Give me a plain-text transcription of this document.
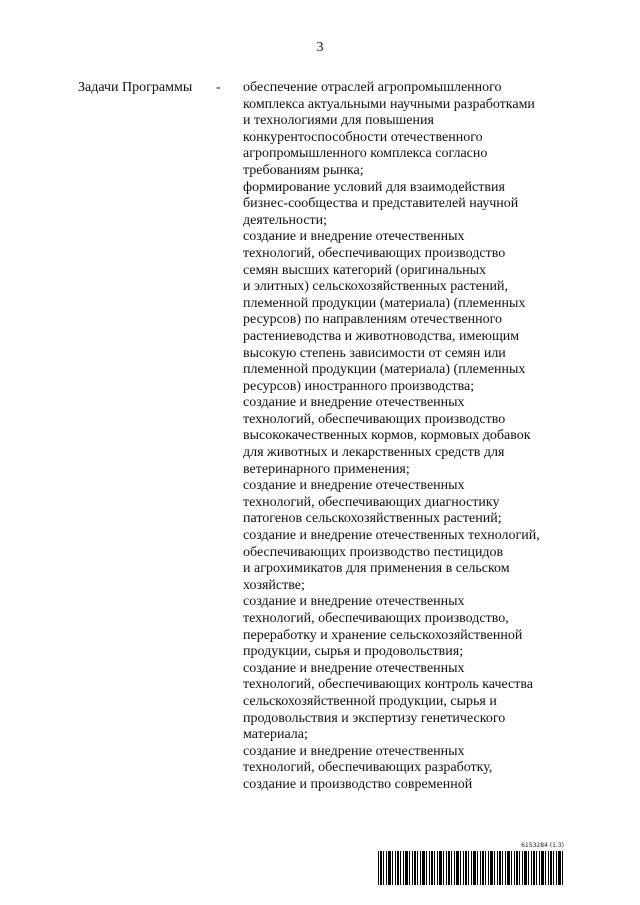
3
Задачи Программы - обеспечение отраслей агропромышленного
комплекса актуальными научными разработками
и технологиями для повышения
конкурентоспособности отечественного
агропромышленного комплекса согласно
требованиям рынка;
формирование условий для взаимодействия
бизнес-сообщества и представителей научной
деятельности;
создание и внедрение отечественных
технологий, обеспечивающих производство
семян высших категорий (оригинальных
и элитных) сельскохозяйственных растений,
племенной продукции (материала) (племенных
ресурсов) по направлениям отечественного
растениеводства и животноводства, имеющим
высокую степень зависимости от семян или
племенной продукции (материала) (племенных
ресурсов) иностранного производства;
создание и внедрение отечественных
технологий, обеспечивающих производство
высококачественных кормов, кормовых добавок
для животных и лекарственных средств для
ветеринарного применения;
создание и внедрение отечественных
технологий, обеспечивающих диагностику
патогенов сельскохозяйственных растений;
создание и внедрение отечественных технологий,
обеспечивающих производство пестицидов
и агрохимикатов для применения в сельском
хозяйстве;
создание и внедрение отечественных
технологий, обеспечивающих производство,
переработку и хранение сельскохозяйственной
продукции, сырья и продовольствия;
создание и внедрение отечественных
технологий, обеспечивающих контроль качества
сельскохозяйственной продукции, сырья и
продовольствия и экспертизу генетического
материала;
создание и внедрение отечественных
технологий, обеспечивающих разработку,
создание и производство современной
6153284 (1.3)
